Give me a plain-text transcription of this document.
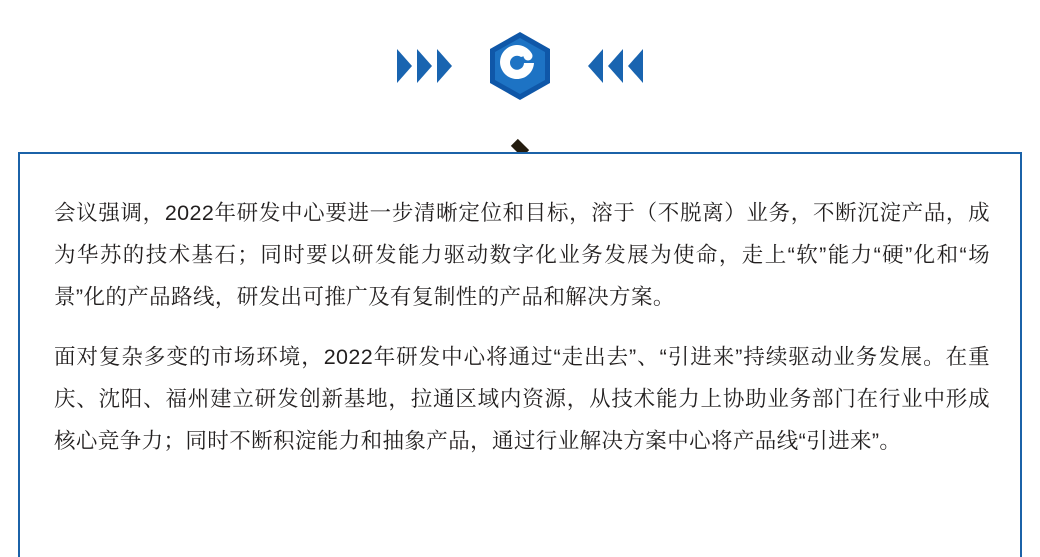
会议强调，2022年研发中心要进一步清晰定位和目标，溶于（不脱离）业务，不断沉淀产品，成为华苏的技术基石；同时要以研发能力驱动数字化业务发展为使命，走上“软”能力“硬”化和“场景”化的产品路线，研发出可推广及有复制性的产品和解决方案。

面对复杂多变的市场环境，2022年研发中心将通过“走出去”、“引进来”持续驱动业务发展。在重庆、沈阳、福州建立研发创新基地，拉通区域内资源，从技术能力上协助业务部门在行业中形成核心竞争力；同时不断积淀能力和抽象产品，通过行业解决方案中心将产品线“引进来”。
